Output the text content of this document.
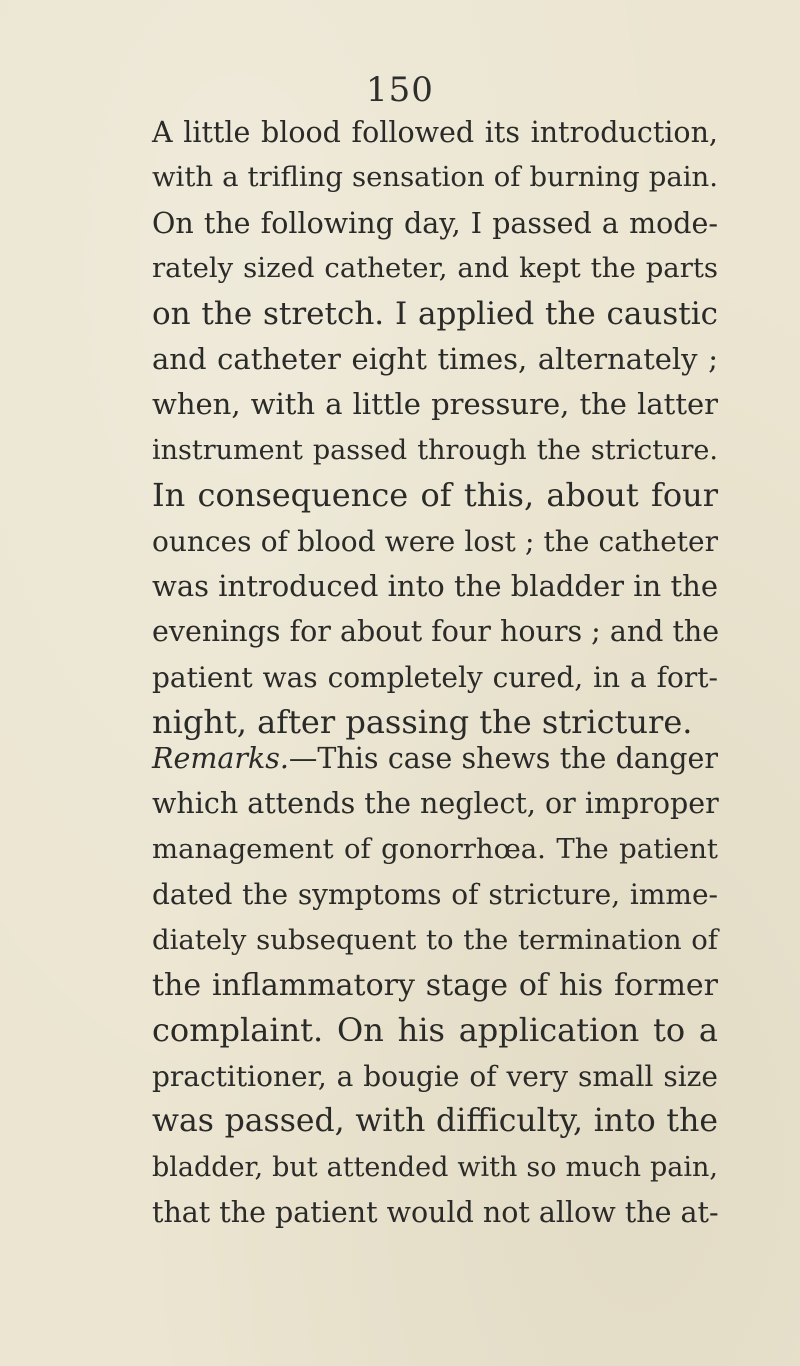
150
A little blood followed its introduction,
with a trifling sensation of burning pain.
On the following day, I passed a mode-
rately sized catheter, and kept the parts
on the stretch. I applied the caustic
and catheter eight times, alternately ;
when, with a little pressure, the latter
instrument passed through the stricture.
In consequence of this, about four
ounces of blood were lost ; the catheter
was introduced into the bladder in the
evenings for about four hours ; and the
patient was completely cured, in a fort-
night, after passing the stricture.
Remarks.—This case shews the danger
which attends the neglect, or improper
management of gonorrhœa. The patient
dated the symptoms of stricture, imme-
diately subsequent to the termination of
the inflammatory stage of his former
complaint. On his application to a
practitioner, a bougie of very small size
was passed, with difficulty, into the
bladder, but attended with so much pain,
that the patient would not allow the at-
